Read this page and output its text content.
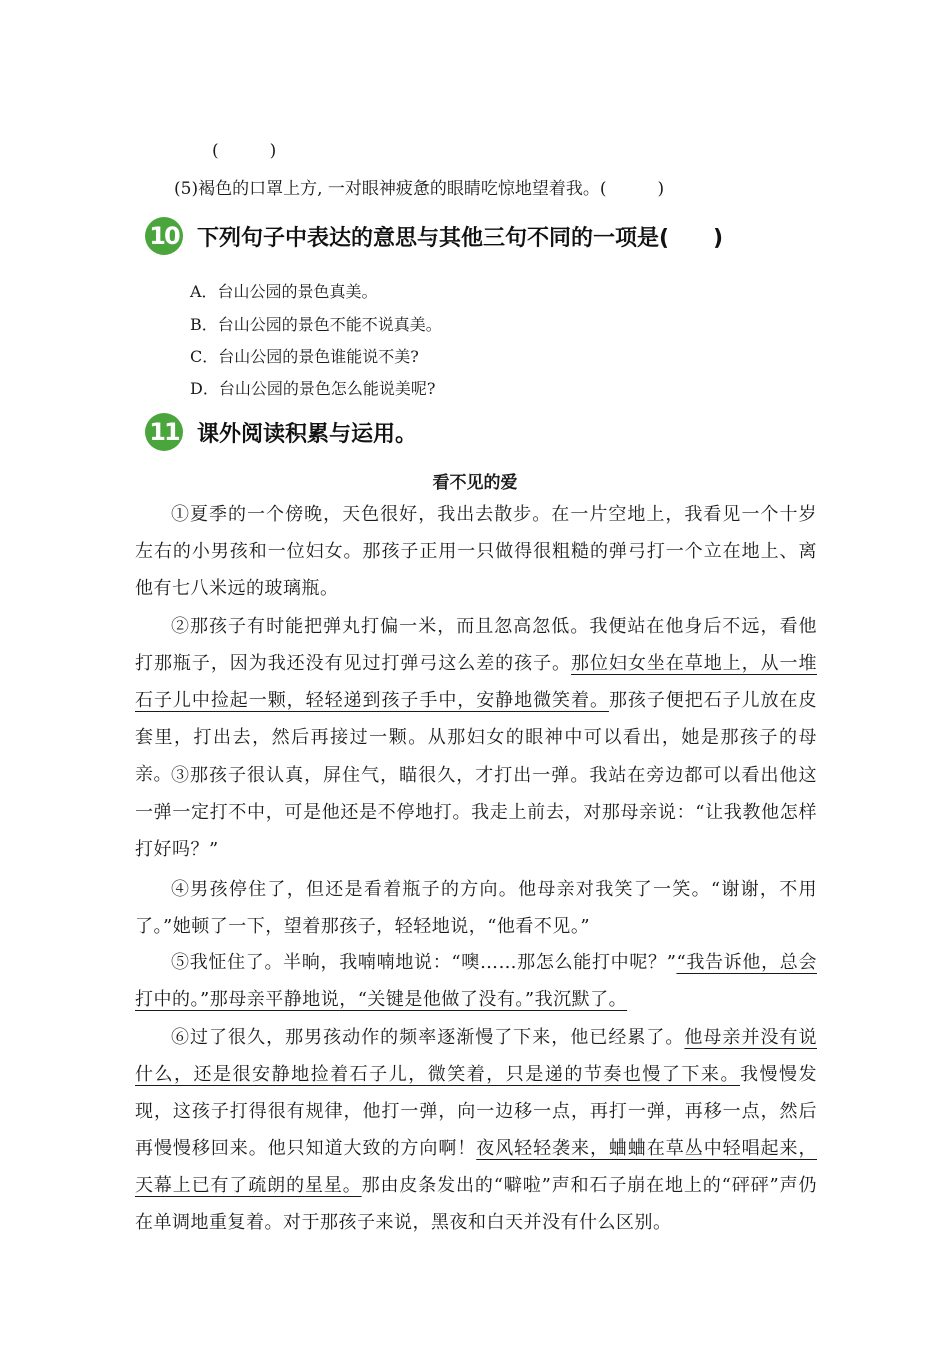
(　　　)
(5)褐色的口罩上方, 一对眼神疲惫的眼睛吃惊地望着我。(　　　)
10 下列句子中表达的意思与其他三句不同的一项是(　　)
A．台山公园的景色真美。
B．台山公园的景色不能不说真美。
C．台山公园的景色谁能说不美?
D．台山公园的景色怎么能说美呢?
11 课外阅读积累与运用。
看不见的爱
①夏季的一个傍晚，天色很好，我出去散步。在一片空地上，我看见一个十岁左右的小男孩和一位妇女。那孩子正用一只做得很粗糙的弹弓打一个立在地上、离他有七八米远的玻璃瓶。
②那孩子有时能把弹丸打偏一米，而且忽高忽低。我便站在他身后不远，看他打那瓶子，因为我还没有见过打弹弓这么差的孩子。那位妇女坐在草地上，从一堆石子儿中捡起一颗，轻轻递到孩子手中，安静地微笑着。那孩子便把石子儿放在皮套里，打出去，然后再接过一颗。从那妇女的眼神中可以看出，她是那孩子的母亲。 ③那孩子很认真，屏住气，瞄很久，才打出一弹。我站在旁边都可以看出他这一弹一定打不中，可是他还是不停地打。我走上前去，对那母亲说：“让我教他怎样打好吗？”
④男孩停住了，但还是看着瓶子的方向。他母亲对我笑了一笑。“谢谢，不用了。”她顿了一下，望着那孩子，轻轻地说，“他看不见。”
⑤我怔住了。半晌，我喃喃地说：“噢……那怎么能打中呢？”“我告诉他，总会打中的。”那母亲平静地说，“关键是他做了没有。”我沉默了。
⑥过了很久，那男孩动作的频率逐渐慢了下来，他已经累了。他母亲并没有说什么，还是很安静地捡着石子儿，微笑着，只是递的节奏也慢了下来。我慢慢发现，这孩子打得很有规律，他打一弹，向一边移一点，再打一弹，再移一点，然后再慢慢移回来。他只知道大致的方向啊！夜风轻轻袭来，蛐蛐在草丛中轻唱起来，天幕上已有了疏朗的星星。那由皮条发出的“噼啦”声和石子崩在地上的“砰砰”声仍在单调地重复着。对于那孩子来说，黑夜和白天并没有什么区别。
